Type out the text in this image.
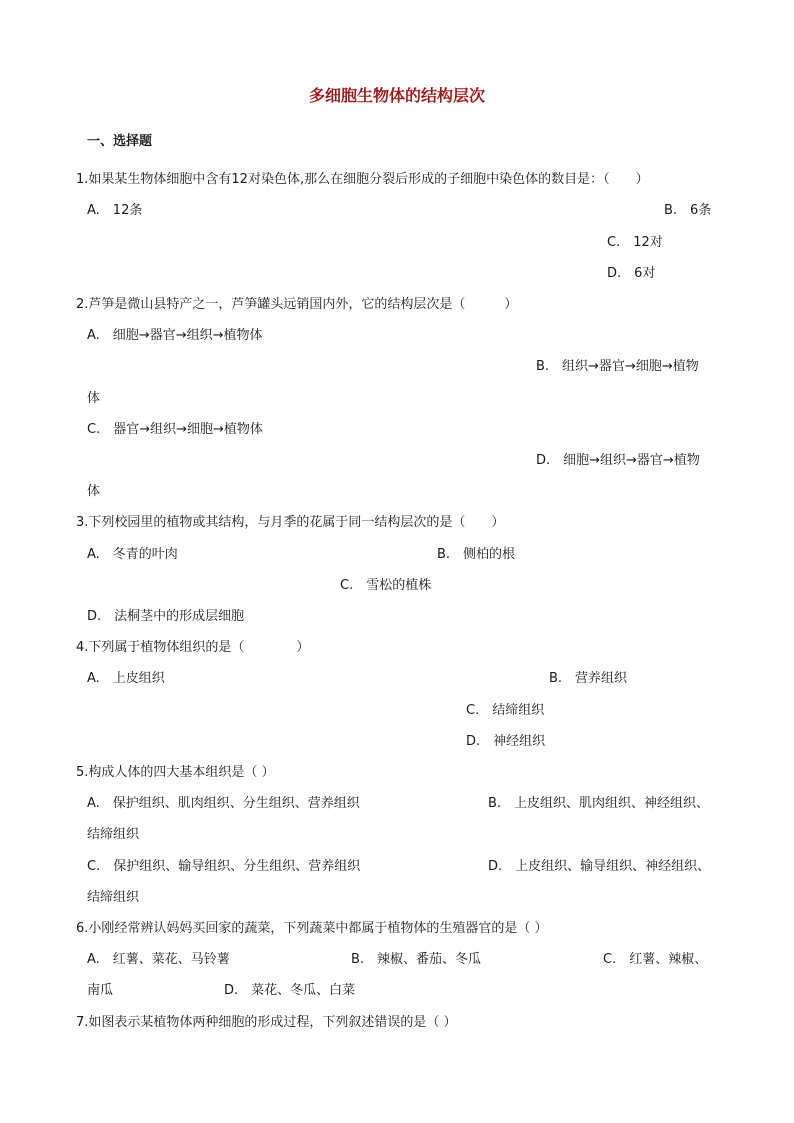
多细胞生物体的结构层次
一、选择题
1.如果某生物体细胞中含有12对染色体,那么在细胞分裂后形成的子细胞中染色体的数目是：（　　）
A.　12条	B.　6条
C.　12对
D.　6对
2.芦笋是微山县特产之一，芦笋罐头远销国内外，它的结构层次是（　　　）
A.　细胞→器官→组织→植物体
B.　组织→器官→细胞→植物
体
C.　器官→组织→细胞→植物体
D.　细胞→组织→器官→植物
体
3.下列校园里的植物或其结构，与月季的花属于同一结构层次的是（　　）
A.　冬青的叶肉	B.　侧柏的根
C.　雪松的植株
D.　法桐茎中的形成层细胞
4.下列属于植物体组织的是（　　　　）
A.　上皮组织	B.　营养组织
C.　结缔组织
D.　神经组织
5.构成人体的四大基本组织是（ ）
A.　保护组织、肌肉组织、分生组织、营养组织	B.　上皮组织、肌肉组织、神经组织、
结缔组织
C.　保护组织、输导组织、分生组织、营养组织	D.　上皮组织、输导组织、神经组织、
结缔组织
6.小刚经常辨认妈妈买回家的蔬菜，下列蔬菜中都属于植物体的生殖器官的是（ ）
A.　红薯、菜花、马铃薯	B.　辣椒、番茄、冬瓜	C.　红薯、辣椒、
南瓜	D.　菜花、冬瓜、白菜
7.如图表示某植物体两种细胞的形成过程，下列叙述错误的是（ ）
